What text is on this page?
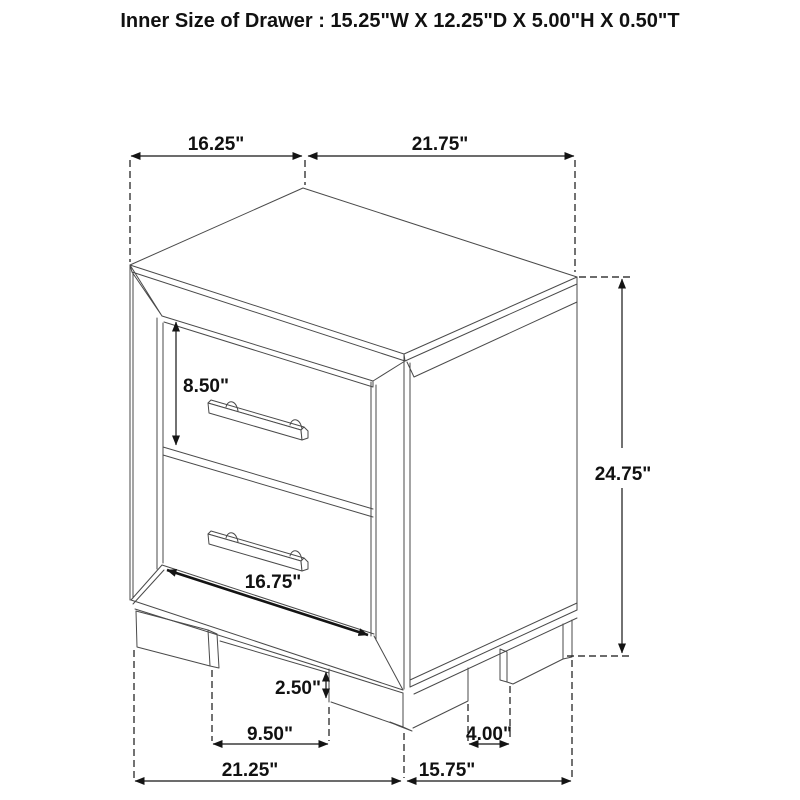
Inner Size of Drawer : 15.25"W X 12.25"D X 5.00"H X 0.50"T
16.25"	21.75"
24.75"
8.50"
16.75"
2.50"
9.50"	4.00"
21.25"	15.75"
